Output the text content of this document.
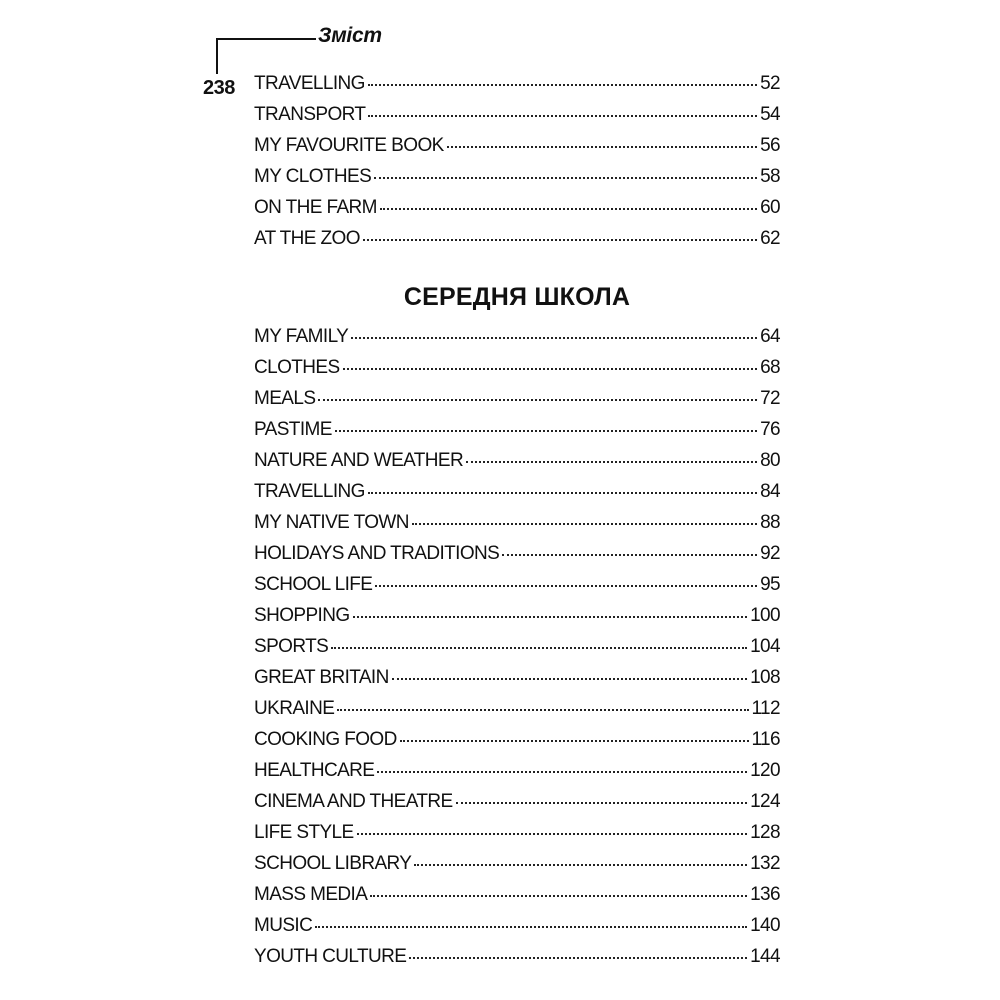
Зміст
238 TRAVELLING	52
TRANSPORT	54
MY FAVOURITE BOOK	56
MY CLOTHES	58
ON THE FARM	60
AT THE ZOO	62
СЕРЕДНЯ ШКОЛА
MY FAMILY	64
CLOTHES	68
MEALS	72
PASTIME	76
NATURE AND WEATHER	80
TRAVELLING	84
MY NATIVE TOWN	88
HOLIDAYS AND TRADITIONS	92
SCHOOL LIFE	95
SHOPPING	100
SPORTS	104
GREAT BRITAIN	108
UKRAINE	112
COOKING FOOD	116
HEALTHCARE	120
CINEMA AND THEATRE	124
LIFE STYLE	128
SCHOOL LIBRARY	132
MASS MEDIA	136
MUSIC	140
YOUTH CULTURE	144
